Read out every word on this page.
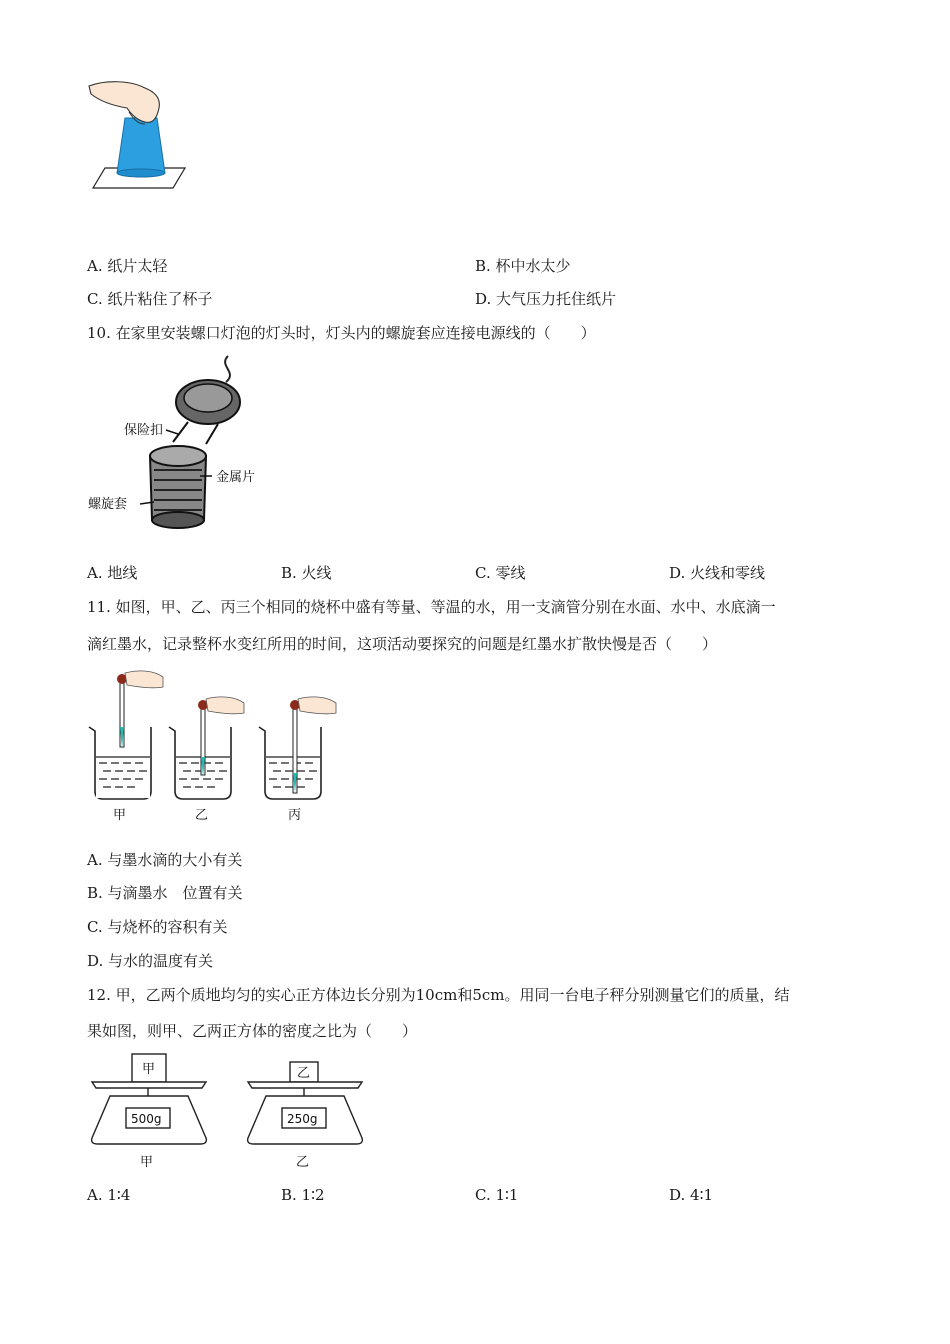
A. 纸片太轻	B. 杯中水太少
C. 纸片粘住了杯子	D. 大气压力托住纸片
10. 在家里安装螺口灯泡的灯头时，灯头内的螺旋套应连接电源线的（　　）
保险扣
金属片
螺旋套
A. 地线	B. 火线	C. 零线	D. 火线和零线
11. 如图，甲、乙、丙三个相同的烧杯中盛有等量、等温的水，用一支滴管分别在水面、水中、水底滴一
滴红墨水，记录整杯水变红所用的时间，这项活动要探究的问题是红墨水扩散快慢是否（　　）
甲	乙	丙
A. 与墨水滴的大小有关
B. 与滴墨水　位置有关
C. 与烧杯的容积有关
D. 与水的温度有关
12. 甲，乙两个质地均匀的实心正方体边长分别为10cm和5cm。用同一台电子秤分别测量它们的质量，结
果如图，则甲、乙两正方体的密度之比为（　　）
甲
500g
甲
乙
250g
乙
A. 1∶4	B. 1∶2	C. 1∶1	D. 4∶1
